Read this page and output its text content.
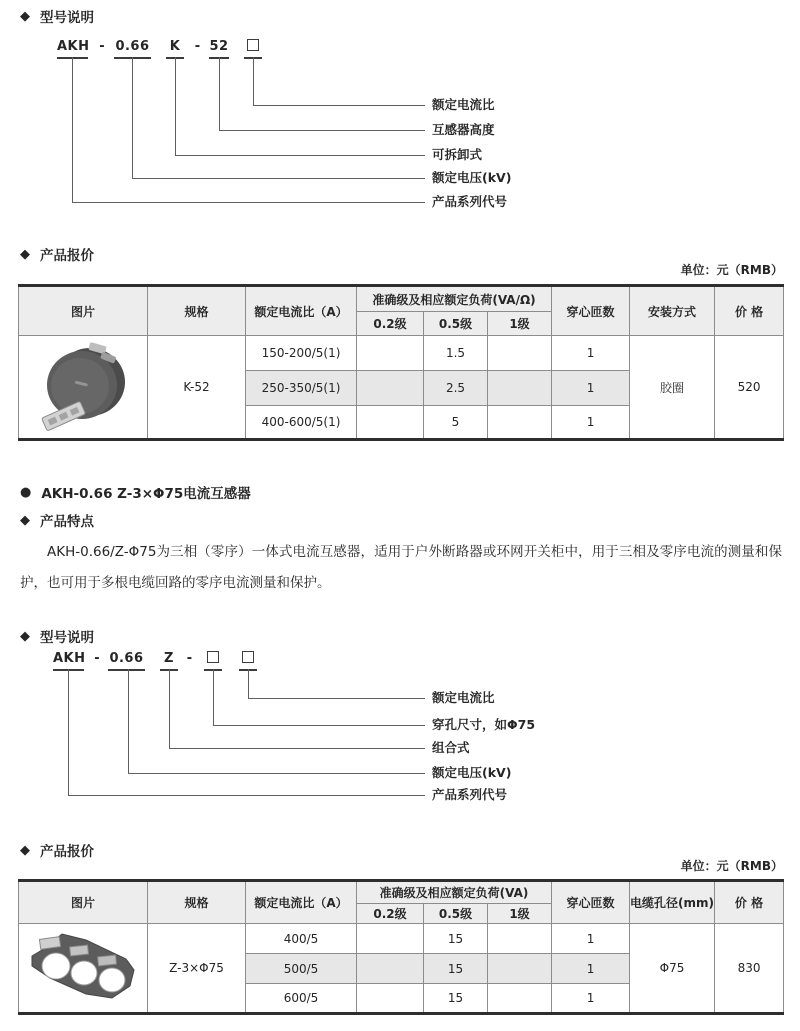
◆ 型号说明
AKH - 0.66 K - 52
额定电流比
互感器高度
可拆卸式
额定电压(kV)
产品系列代号
◆ 产品报价
单位：元（RMB）
图片	规格	额定电流比（A）	准确级及相应额定负荷(VA/Ω)			穿心匝数	安装方式	价 格
			0.2级	0.5级	1级			

	K-52	150-200/5(1)		1.5		1	胶圈	520
		250-350/5(1)		2.5		1		
		400-600/5(1)		5		1		
● AKH-0.66 Z-3×Φ75电流互感器
◆ 产品特点
AKH-0.66/Z-Φ75为三相（零序）一体式电流互感器，适用于户外断路器或环网开关柜中，用于三相及零序电流的测量和保护，也可用于多根电缆回路的零序电流测量和保护。
◆ 型号说明
AKH - 0.66	Z -
额定电流比
穿孔尺寸，如Φ75
组合式
额定电压(kV)
产品系列代号
◆ 产品报价
单位：元（RMB）
图片	规格	额定电流比（A）	准确级及相应额定负荷(VA)			穿心匝数	电缆孔径(mm)	价 格
			0.2级	0.5级	1级			

	Z-3×Φ75	400/5		15		1	Φ75	830
		500/5		15		1		
		600/5		15		1		
